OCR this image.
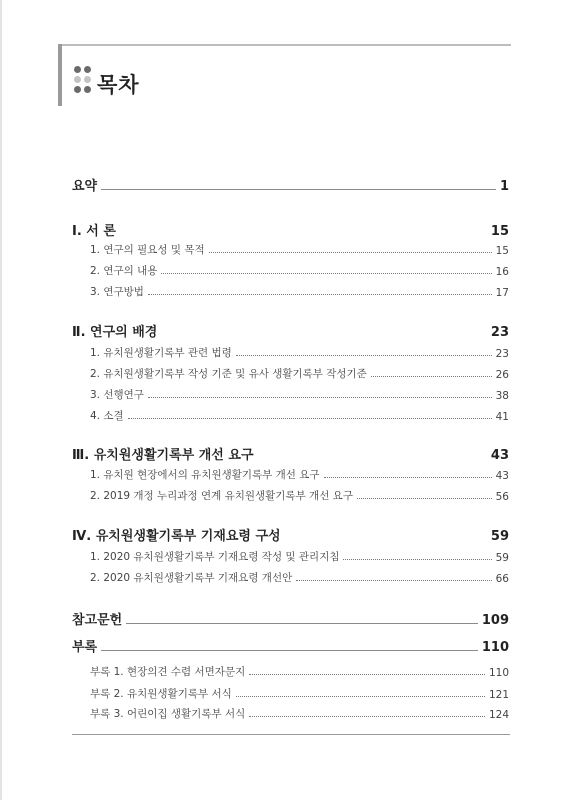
목차
요약	1
Ⅰ. 서 론	15
1. 연구의 필요성 및 목적	15
2. 연구의 내용	16
3. 연구방법	17
Ⅱ. 연구의 배경	23
1. 유치원생활기록부 관련 법령	23
2. 유치원생활기록부 작성 기준 및 유사 생활기록부 작성기준	26
3. 선행연구	38
4. 소결	41
Ⅲ. 유치원생활기록부 개선 요구	43
1. 유치원 현장에서의 유치원생활기록부 개선 요구	43
2. 2019 개정 누리과정 연계 유치원생활기록부 개선 요구	56
Ⅳ. 유치원생활기록부 기재요령 구성	59
1. 2020 유치원생활기록부 기재요령 작성 및 관리지침	59
2. 2020 유치원생활기록부 기재요령 개선안	66
참고문헌	109
부록	110
부록 1. 현장의견 수렴 서면자문지	110
부록 2. 유치원생활기록부 서식	121
부록 3. 어린이집 생활기록부 서식	124
